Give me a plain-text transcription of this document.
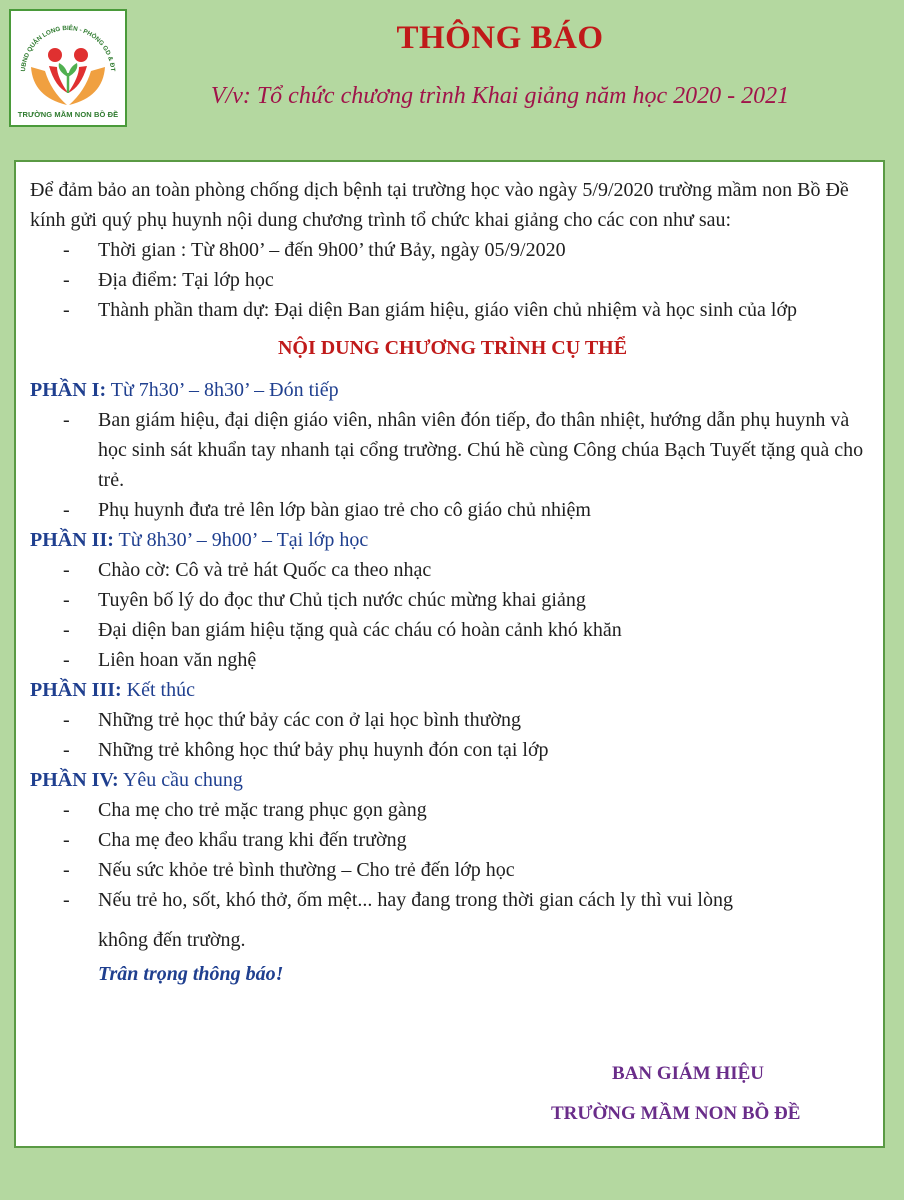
UBND QUẬN LONG BIÊN - PHÒNG GD & ĐT
TRƯỜNG MẦM NON BỒ ĐỀ
THÔNG BÁO
V/v: Tổ chức chương trình Khai giảng năm học 2020 - 2021

Để đảm bảo an toàn phòng chống dịch bệnh tại trường học vào ngày 5/9/2020 trường mầm non Bồ Đề kính gửi quý phụ huynh nội dung chương trình tổ chức khai giảng cho các con như sau:

- Thời gian : Từ 8h00’ – đến 9h00’ thứ Bảy, ngày 05/9/2020

- Địa điểm: Tại lớp học

- Thành phần tham dự: Đại diện Ban giám hiệu, giáo viên chủ nhiệm và học sinh của lớp

NỘI DUNG CHƯƠNG TRÌNH CỤ THỂ

PHẦN I: Từ 7h30’ – 8h30’ – Đón tiếp

- Ban giám hiệu, đại diện giáo viên, nhân viên đón tiếp, đo thân nhiệt, hướng dẫn phụ huynh và học sinh sát khuẩn tay nhanh tại cổng trường. Chú hề cùng Công chúa Bạch Tuyết tặng quà cho trẻ.

- Phụ huynh đưa trẻ lên lớp bàn giao trẻ cho cô giáo chủ nhiệm

PHẦN II: Từ 8h30’ – 9h00’ – Tại lớp học

- Chào cờ: Cô và trẻ hát Quốc ca theo nhạc

- Tuyên bố lý do đọc thư Chủ tịch nước chúc mừng khai giảng

- Đại diện ban giám hiệu tặng quà các cháu có hoàn cảnh khó khăn

- Liên hoan văn nghệ

PHẦN III: Kết thúc

- Những trẻ học thứ bảy các con ở lại học bình thường

- Những trẻ không học thứ bảy phụ huynh đón con tại lớp

PHẦN IV: Yêu cầu chung

- Cha mẹ cho trẻ mặc trang phục gọn gàng

- Cha mẹ đeo khẩu trang khi đến trường

- Nếu sức khỏe trẻ bình thường – Cho trẻ đến lớp học

- Nếu trẻ ho, sốt, khó thở, ốm mệt... hay đang trong thời gian cách ly thì vui lòng

không đến trường.

Trân trọng thông báo!

BAN GIÁM HIỆU
TRƯỜNG MẦM NON BỒ ĐỀ
